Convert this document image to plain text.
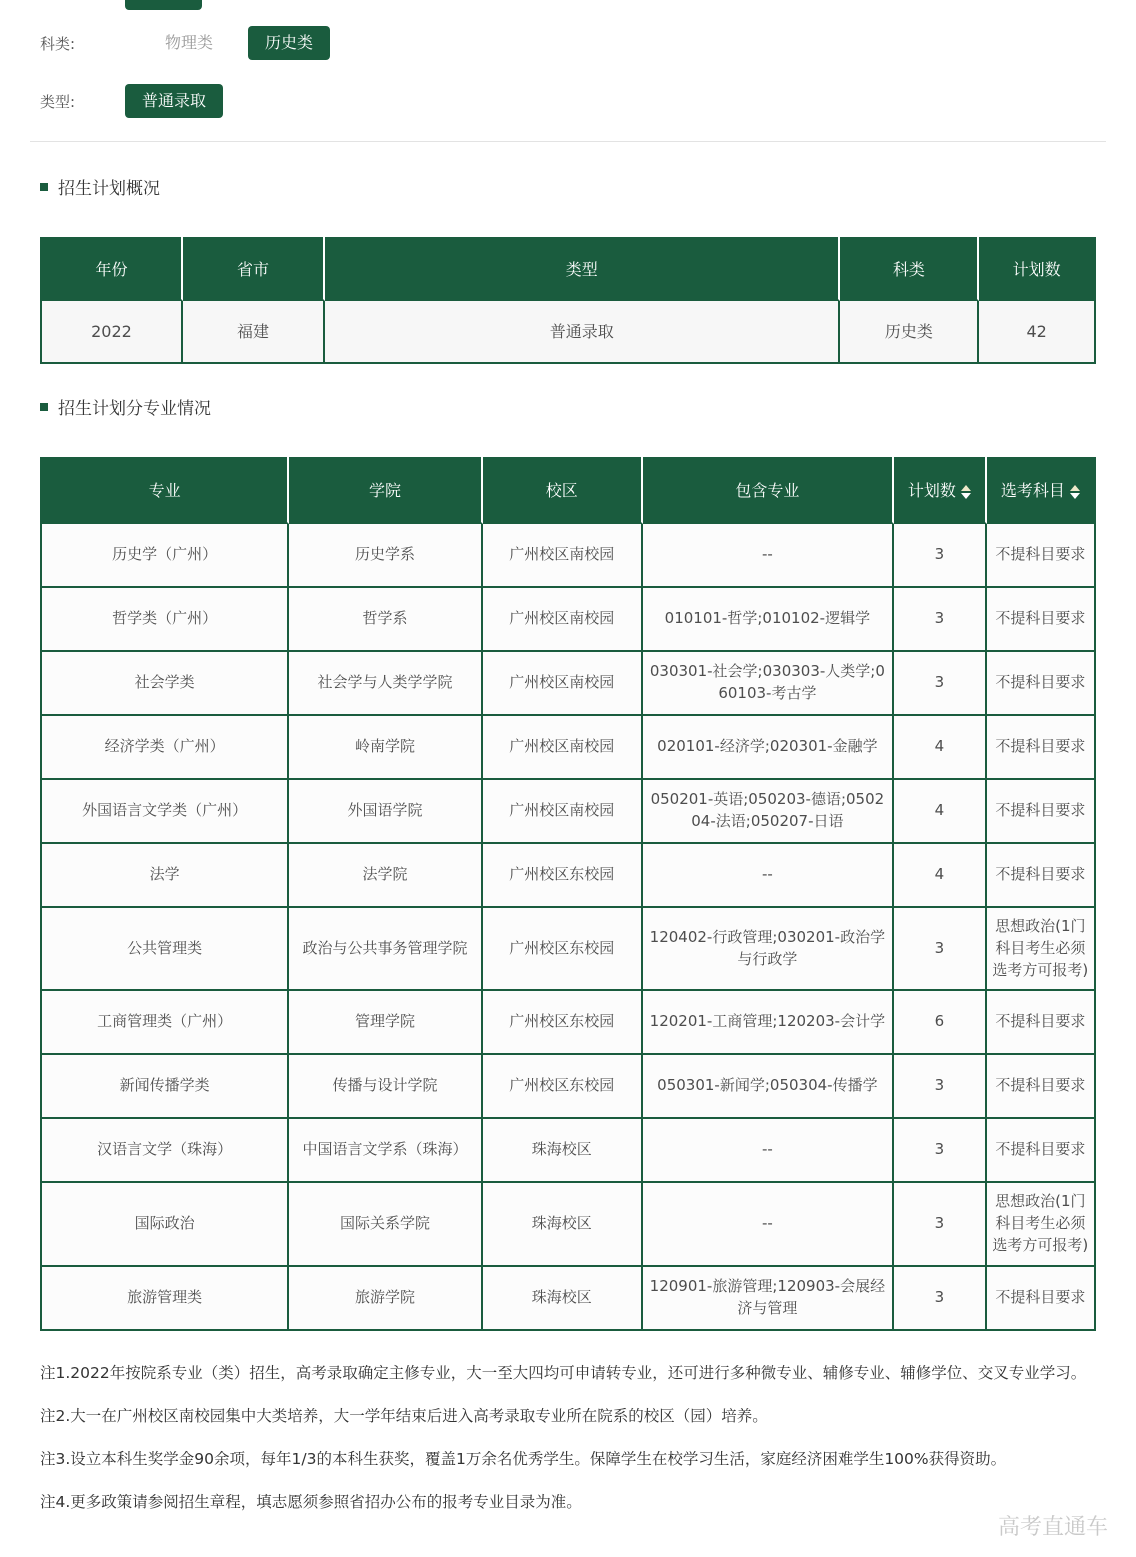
科类:	物理类	历史类
类型:	普通录取
招生计划概况
年份	省市	类型	科类	计划数
2022	福建	普通录取	历史类	42
招生计划分专业情况
专业	学院	校区	包含专业	计划数	选考科目

历史学（广州）	历史学系	广州校区南校园	--	3	不提科目要求
哲学类（广州）	哲学系	广州校区南校园	010101-哲学;010102-逻辑学	3	不提科目要求
社会学类	社会学与人类学学院	广州校区南校园	030301-社会学;030303-人类学;060103-考古学	3	不提科目要求
经济学类（广州）	岭南学院	广州校区南校园	020101-经济学;020301-金融学	4	不提科目要求
外国语言文学类（广州）	外国语学院	广州校区南校园	050201-英语;050203-德语;050204-法语;050207-日语	4	不提科目要求
法学	法学院	广州校区东校园	--	4	不提科目要求
公共管理类	政治与公共事务管理学院	广州校区东校园	120402-行政管理;030201-政治学与行政学	3	思想政治(1门科目考生必须选考方可报考)
工商管理类（广州）	管理学院	广州校区东校园	120201-工商管理;120203-会计学	6	不提科目要求
新闻传播学类	传播与设计学院	广州校区东校园	050301-新闻学;050304-传播学	3	不提科目要求
汉语言文学（珠海）	中国语言文学系（珠海）	珠海校区	--	3	不提科目要求
国际政治	国际关系学院	珠海校区	--	3	思想政治(1门科目考生必须选考方可报考)
旅游管理类	旅游学院	珠海校区	120901-旅游管理;120903-会展经济与管理	3	不提科目要求

注1.2022年按院系专业（类）招生，高考录取确定主修专业，大一至大四均可申请转专业，还可进行多种微专业、辅修专业、辅修学位、交叉专业学习。

注2.大一在广州校区南校园集中大类培养，大一学年结束后进入高考录取专业所在院系的校区（园）培养。

注3.设立本科生奖学金90余项，每年1/3的本科生获奖，覆盖1万余名优秀学生。保障学生在校学习生活，家庭经济困难学生100%获得资助。

注4.更多政策请参阅招生章程，填志愿须参照省招办公布的报考专业目录为准。

高考直通车
